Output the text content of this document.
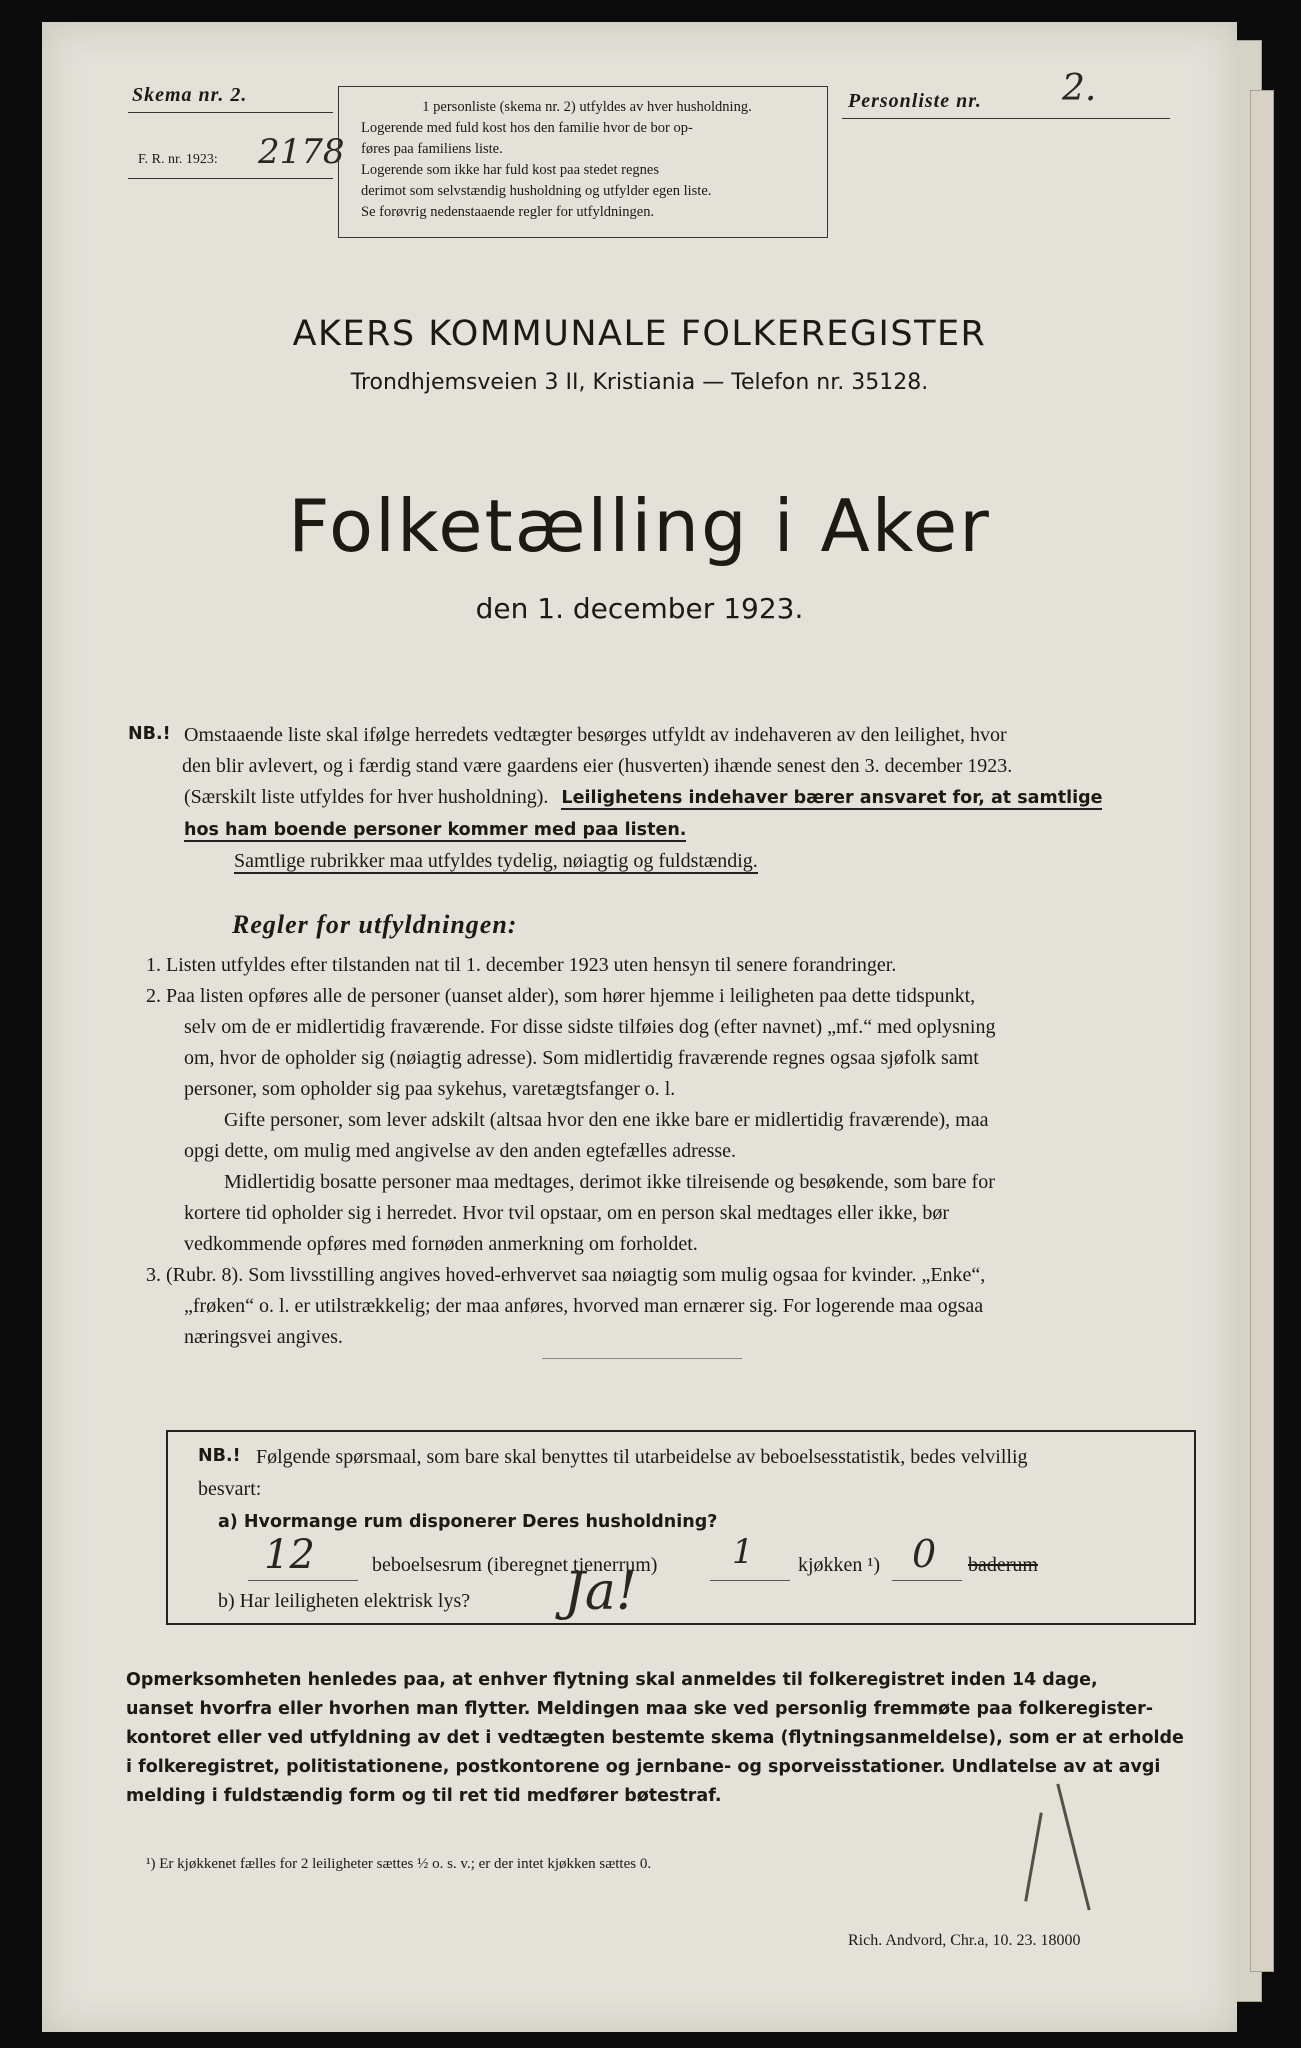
Skema nr. 2.
F. R. nr. 1923: 2178
Personliste nr. 2.
1 personliste (skema nr. 2) utfyldes av hver husholdning.
Logerende med fuld kost hos den familie hvor de bor op-
føres paa familiens liste.
Logerende som ikke har fuld kost paa stedet regnes
derimot som selvstændig husholdning og utfylder egen liste.
Se forøvrig nedenstaaende regler for utfyldningen.
AKERS KOMMUNALE FOLKEREGISTER
Trondhjemsveien 3 II, Kristiania — Telefon nr. 35128.
Folketælling i Aker
den 1. december 1923.
NB.! Omstaaende liste skal ifølge herredets vedtægter besørges utfyldt av indehaveren av den leilighet, hvor
den blir avlevert, og i færdig stand være gaardens eier (husverten) ihænde senest den 3. december 1923.
(Særskilt liste utfyldes for hver husholdning). Leilighetens indehaver bærer ansvaret for, at samtlige
hos ham boende personer kommer med paa listen.
Samtlige rubrikker maa utfyldes tydelig, nøiagtig og fuldstændig.
Regler for utfyldningen:
1. Listen utfyldes efter tilstanden nat til 1. december 1923 uten hensyn til senere forandringer.
2. Paa listen opføres alle de personer (uanset alder), som hører hjemme i leiligheten paa dette tidspunkt,
selv om de er midlertidig fraværende. For disse sidste tilføies dog (efter navnet) „mf.“ med oplysning
om, hvor de opholder sig (nøiagtig adresse). Som midlertidig fraværende regnes ogsaa sjøfolk samt
personer, som opholder sig paa sykehus, varetægtsfanger o. l.
Gifte personer, som lever adskilt (altsaa hvor den ene ikke bare er midlertidig fraværende), maa
opgi dette, om mulig med angivelse av den anden egtefælles adresse.
Midlertidig bosatte personer maa medtages, derimot ikke tilreisende og besøkende, som bare for
kortere tid opholder sig i herredet. Hvor tvil opstaar, om en person skal medtages eller ikke, bør
vedkommende opføres med fornøden anmerkning om forholdet.
3. (Rubr. 8). Som livsstilling angives hoved-erhvervet saa nøiagtig som mulig ogsaa for kvinder. „Enke“,
„frøken“ o. l. er utilstrækkelig; der maa anføres, hvorved man ernærer sig. For logerende maa ogsaa
næringsvei angives.
NB.! Følgende spørsmaal, som bare skal benyttes til utarbeidelse av beboelsesstatistik, bedes velvillig
besvart:
a) Hvormange rum disponerer Deres husholdning?
12	beboelsesrum (iberegnet tjenerrum) 1 kjøkken ¹) 0 baderum
b) Har leiligheten elektrisk lys? Ja!
Opmerksomheten henledes paa, at enhver flytning skal anmeldes til folkeregistret inden 14 dage,
uanset hvorfra eller hvorhen man flytter. Meldingen maa ske ved personlig fremmøte paa folkeregister-
kontoret eller ved utfyldning av det i vedtægten bestemte skema (flytningsanmeldelse), som er at erholde
i folkeregistret, politistationene, postkontorene og jernbane- og sporveisstationer. Undlatelse av at avgi
melding i fuldstændig form og til ret tid medfører bøtestraf.
¹) Er kjøkkenet fælles for 2 leiligheter sættes ½ o. s. v.; er der intet kjøkken sættes 0.
Rich. Andvord, Chr.a, 10. 23. 18000
